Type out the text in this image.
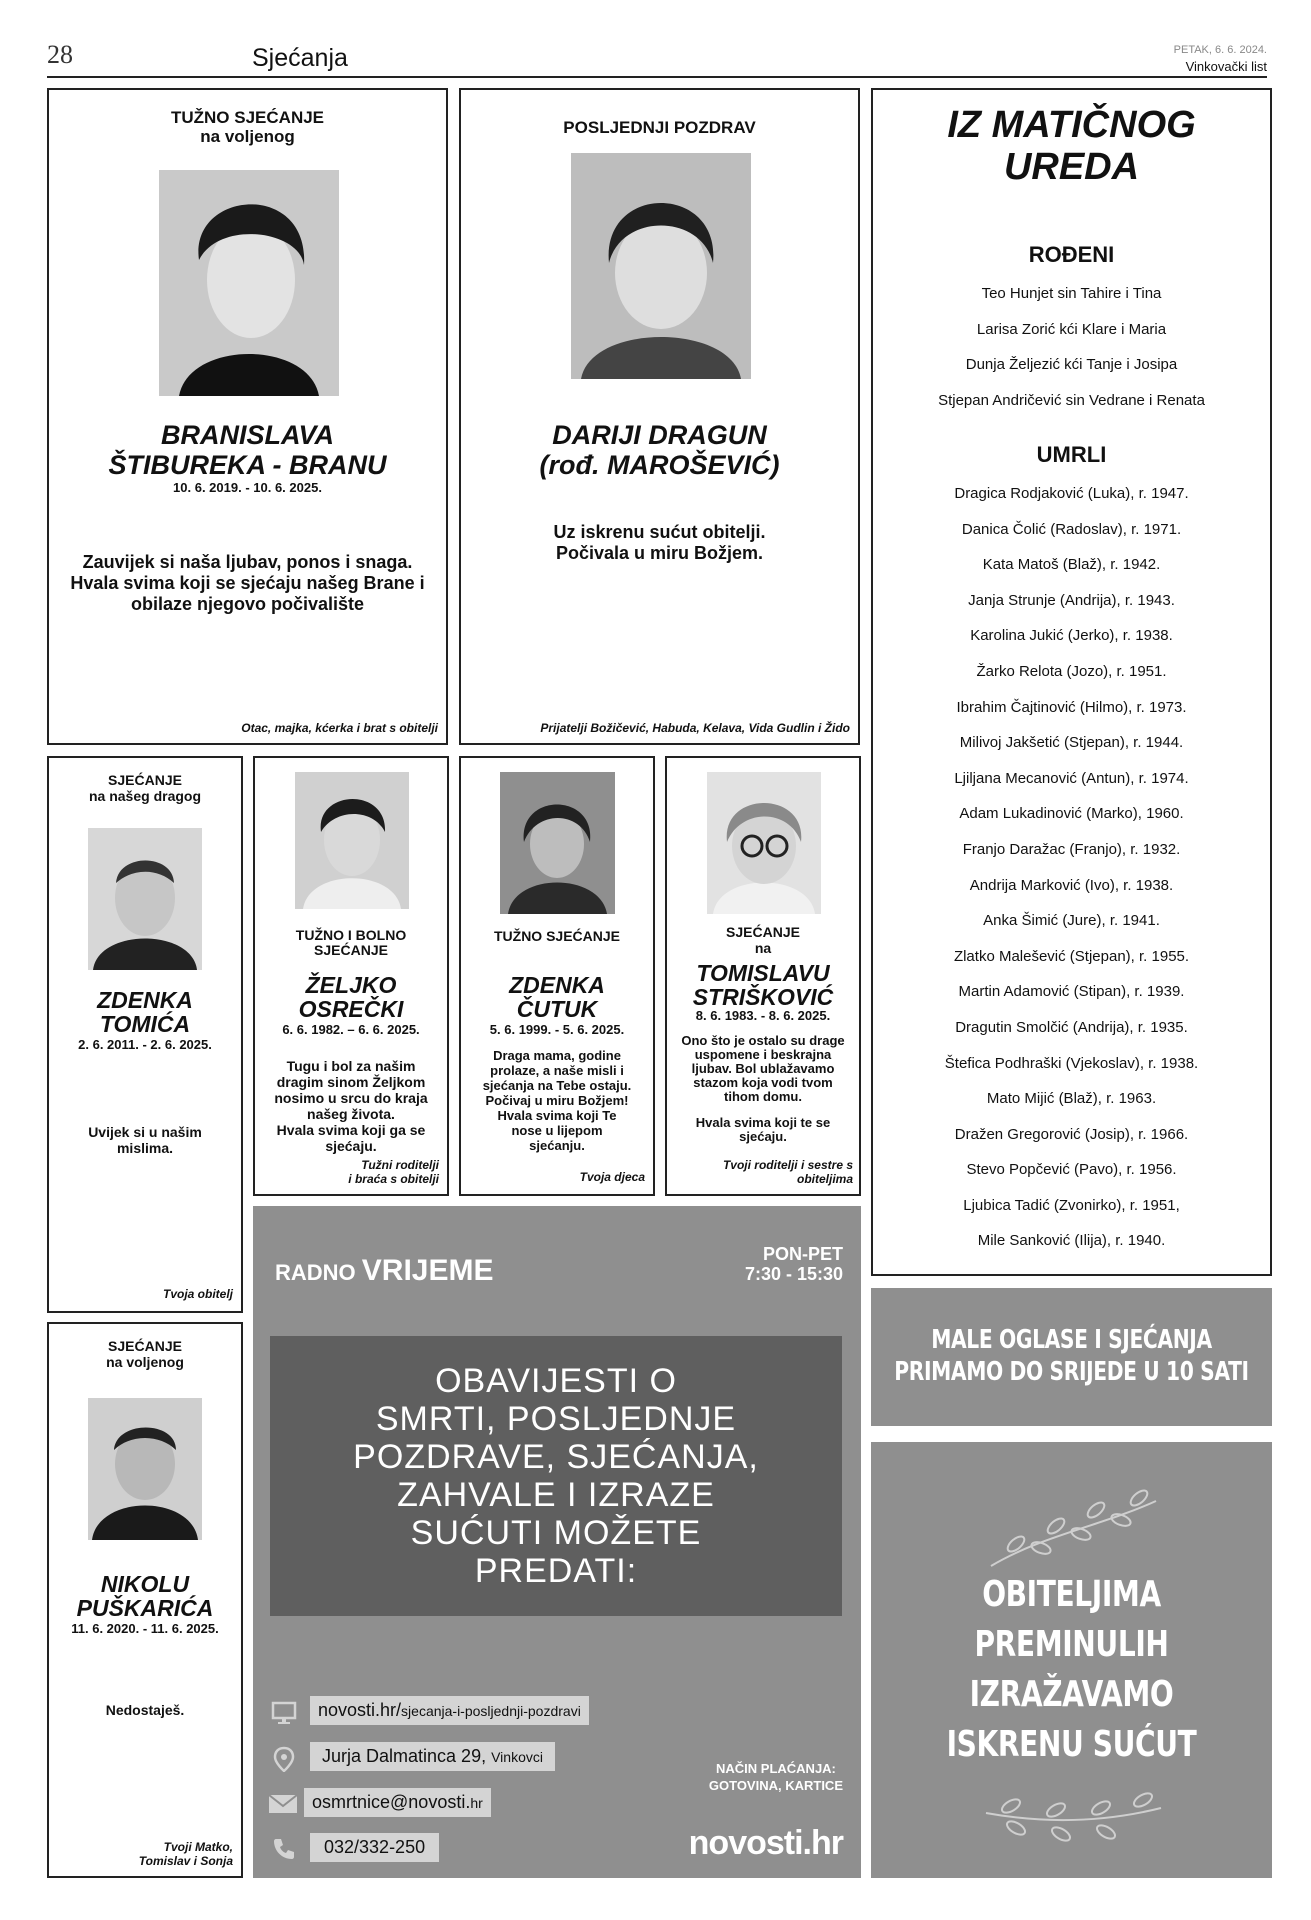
28	Sjećanja	PETAK, 6. 6. 2024.
Vinkovački list
TUŽNO SJEĆANJE
na voljenog
BRANISLAVA
ŠTIBUREKA - BRANU
10. 6. 2019. - 10. 6. 2025.
Zauvijek si naša ljubav, ponos i snaga.
Hvala svima koji se sjećaju našeg Brane i
obilaze njegovo počivalište
Otac, majka, kćerka i brat s obitelji
POSLJEDNJI POZDRAV
DARIJI DRAGUN
(rođ. MAROŠEVIĆ)
Uz iskrenu sućut obitelji.
Počivala u miru Božjem.
Prijatelji Božičević, Habuda, Kelava, Vida Gudlin i Žido
IZ MATIČNOG
UREDA
ROĐENI
Teo Hunjet sin Tahire i Tina
Larisa Zorić kći Klare i Maria
Dunja Željezić kći Tanje i Josipa
Stjepan Andričević sin Vedrane i Renata
UMRLI
Dragica Rodjaković (Luka), r. 1947.
Danica Čolić (Radoslav), r. 1971.
Kata Matoš (Blaž), r. 1942.
Janja Strunje (Andrija), r. 1943.
Karolina Jukić (Jerko), r. 1938.
Žarko Relota (Jozo), r. 1951.
Ibrahim Čajtinović (Hilmo), r. 1973.
Milivoj Jakšetić (Stjepan), r. 1944.
Ljiljana Mecanović (Antun), r. 1974.
Adam Lukadinović (Marko), 1960.
Franjo Daražac (Franjo), r. 1932.
Andrija Marković (Ivo), r. 1938.
Anka Šimić (Jure), r. 1941.
Zlatko Malešević (Stjepan), r. 1955.
Martin Adamović (Stipan), r. 1939.
Dragutin Smolčić (Andrija), r. 1935.
Štefica Podhraški (Vjekoslav), r. 1938.
Mato Mijić (Blaž), r. 1963.
Dražen Gregorović (Josip), r. 1966.
Stevo Popčević (Pavo), r. 1956.
Ljubica Tadić (Zvonirko), r. 1951,
Mile Sanković (Ilija), r. 1940.
SJEĆANJE
na našeg dragog
ZDENKA
TOMIĆA
2. 6. 2011. - 2. 6. 2025.
Uvijek si u našim
mislima.
Tvoja obitelj
TUŽNO I BOLNO
SJEĆANJE
ŽELJKO
OSREČKI
6. 6. 1982. – 6. 6. 2025.
Tugu i bol za našim
dragim sinom Željkom
nosimo u srcu do kraja
našeg života.
Hvala svima koji ga se
sjećaju.
Tužni roditelji
i braća s obitelji
TUŽNO SJEĆANJE
ZDENKA
ČUTUK
5. 6. 1999. - 5. 6. 2025.
Draga mama, godine
prolaze, a naše misli i
sjećanja na Tebe ostaju.
Počivaj u miru Božjem!
Hvala svima koji Te
nose u lijepom
sjećanju.
Tvoja djeca
SJEĆANJE
na
TOMISLAVU
STRIŠKOVIĆ
8. 6. 1983. - 8. 6. 2025.
Ono što je ostalo su drage
uspomene i beskrajna
ljubav. Bol ublažavamo
stazom koja vodi tvom
tihom domu.
Hvala svima koji te se
sjećaju.
Tvoji roditelji i sestre s
obiteljima
SJEĆANJE
na voljenog
NIKOLU
PUŠKARIĆA
11. 6. 2020. - 11. 6. 2025.
Nedostaješ.
Tvoji Matko,
Tomislav i Sonja
RADNO VRIJEME	PON-PET
7:30 - 15:30
OBAVIJESTI O
SMRTI, POSLJEDNJE
POZDRAVE, SJEĆANJA,
ZAHVALE I IZRAZE
SUĆUTI MOŽETE
PREDATI:
novosti.hr/sjecanja-i-posljednji-pozdravi
Jurja Dalmatinca 29, Vinkovci
osmrtnice@novosti.hr
032/332-250
NAČIN PLAĆANJA:
GOTOVINA, KARTICE
novosti.hr
MALE OGLASE I SJEĆANJA
PRIMAMO DO SRIJEDE U 10 SATI
OBITELJIMA
PREMINULIH
IZRAŽAVAMO
ISKRENU SUĆUT
